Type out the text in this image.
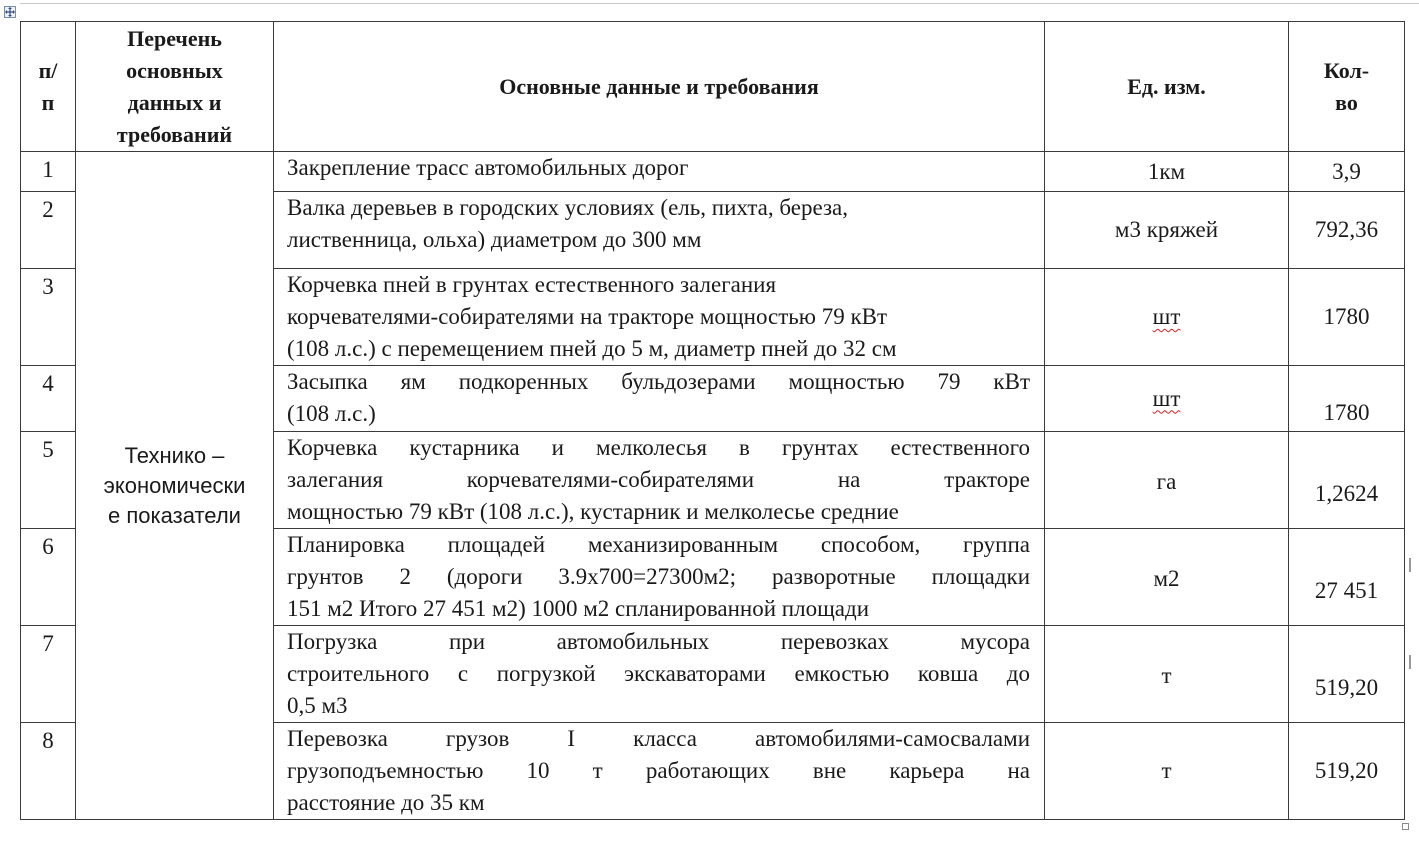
п/
п	Перечень
основных
данных и
требований	Основные данные и требования	Ед. изм.	Кол-
во

1	Технико –
экономически
е показатели	Закрепление трасс автомобильных дорог	1км	3,9
2		Валка деревьев в городских условиях (ель, пихта, береза,
лиственница, ольха) диаметром до 300 мм	м3 кряжей	792,36
3		Корчевка пней в грунтах естественного залегания
корчевателями-собирателями на тракторе мощностью 79 кВт
(108 л.с.) с перемещением пней до 5 м, диаметр пней до 32 см	шт	1780
4		Засыпка ям подкоренных бульдозерами мощностью 79 кВт
(108 л.с.)	шт	1780
5		Корчевка кустарника и мелколесья в грунтах естественного
залегания корчевателями-собирателями на тракторе
мощностью 79 кВт (108 л.с.), кустарник и мелколесье средние	га	1,2624
6		Планировка площадей механизированным способом, группа
грунтов 2 (дороги 3.9х700=27300м2; разворотные площадки
151 м2 Итого 27 451 м2) 1000 м2 спланированной площади	м2	27 451
7		Погрузка при автомобильных перевозках мусора
строительного с погрузкой экскаваторами емкостью ковша до
0,5 м3	т	519,20
8		Перевозка грузов I класса автомобилями-самосвалами
грузоподъемностью 10 т работающих вне карьера на
расстояние до 35 км	т	519,20
